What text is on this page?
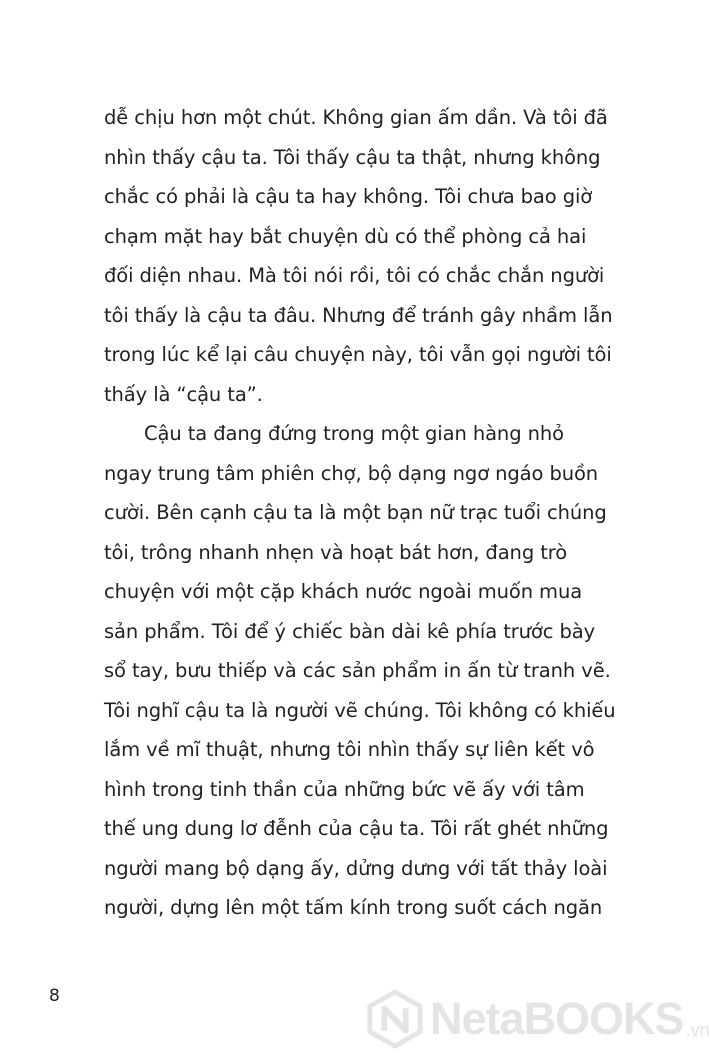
dễ chịu hơn một chút. Không gian ấm dần. Và tôi đã
nhìn thấy cậu ta. Tôi thấy cậu ta thật, nhưng không
chắc có phải là cậu ta hay không. Tôi chưa bao giờ
chạm mặt hay bắt chuyện dù có thể phòng cả hai
đối diện nhau. Mà tôi nói rồi, tôi có chắc chắn người
tôi thấy là cậu ta đâu. Nhưng để tránh gây nhầm lẫn
trong lúc kể lại câu chuyện này, tôi vẫn gọi người tôi
thấy là “cậu ta”.
Cậu ta đang đứng trong một gian hàng nhỏ
ngay trung tâm phiên chợ, bộ dạng ngơ ngáo buồn
cười. Bên cạnh cậu ta là một bạn nữ trạc tuổi chúng
tôi, trông nhanh nhẹn và hoạt bát hơn, đang trò
chuyện với một cặp khách nước ngoài muốn mua
sản phẩm. Tôi để ý chiếc bàn dài kê phía trước bày
sổ tay, bưu thiếp và các sản phẩm in ấn từ tranh vẽ.
Tôi nghĩ cậu ta là người vẽ chúng. Tôi không có khiếu
lắm về mĩ thuật, nhưng tôi nhìn thấy sự liên kết vô
hình trong tinh thần của những bức vẽ ấy với tâm
thế ung dung lơ đễnh của cậu ta. Tôi rất ghét những
người mang bộ dạng ấy, dửng dưng với tất thảy loài
người, dựng lên một tấm kính trong suốt cách ngăn
8	NetaBOOKS .vn
